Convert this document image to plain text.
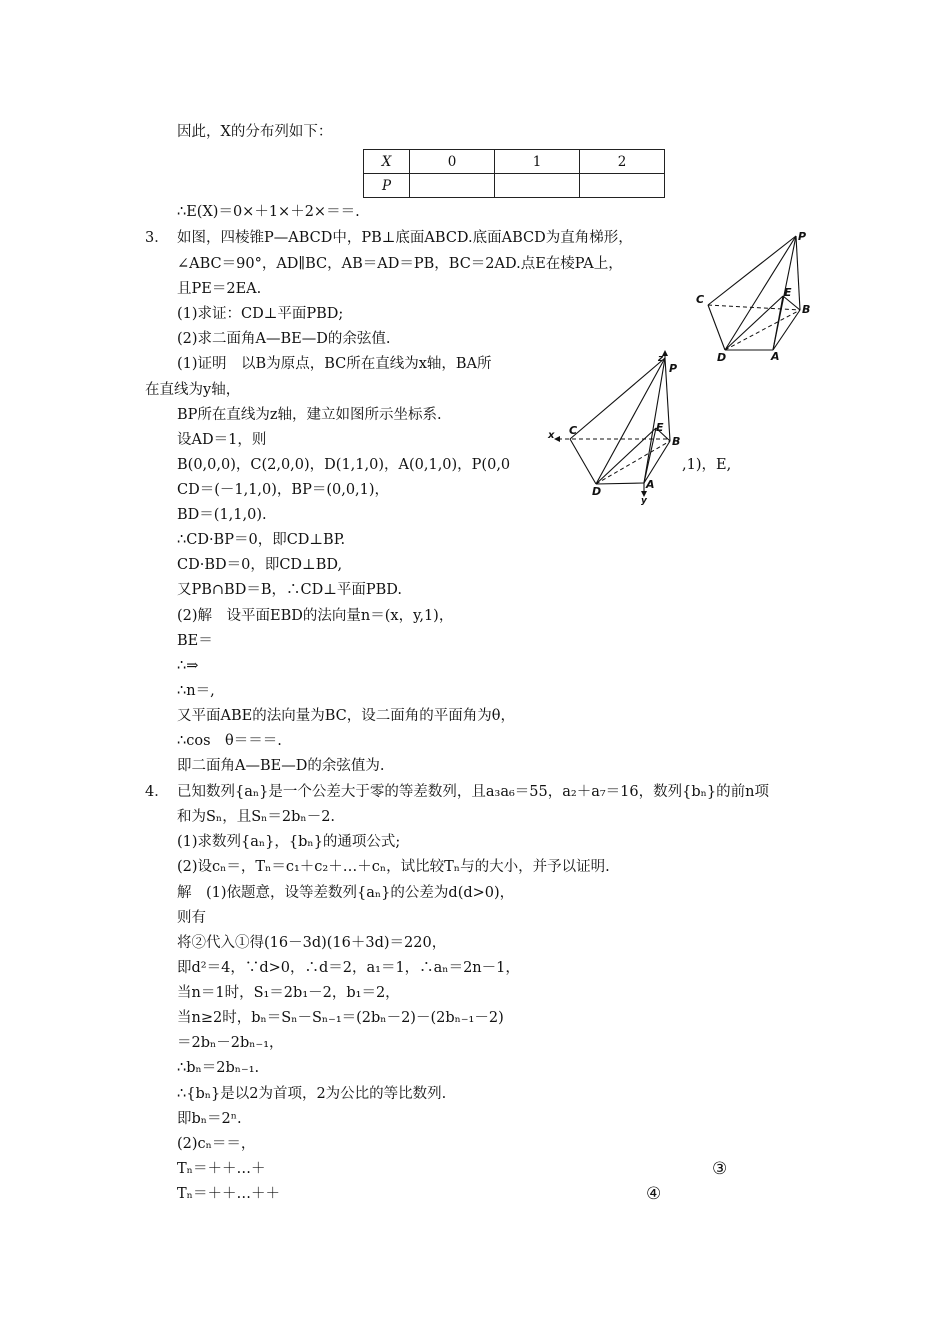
因此，X的分布列如下：
X	0	1	2
P			
∴E(X)＝0×＋1×＋2×＝＝.
3． 如图，四棱锥P—ABCD中，PB⊥底面ABCD.底面ABCD为直角梯形，
∠ABC＝90°，AD∥BC，AB＝AD＝PB，BC＝2AD.点E在棱PA上，
且PE＝2EA.
(1)求证：CD⊥平面PBD;
(2)求二面角A—BE—D的余弦值.
(1)证明　以B为原点，BC所在直线为x轴，BA所
在直线为y轴，
BP所在直线为z轴，建立如图所示坐标系.
设AD＝1，则
B(0,0,0)，C(2,0,0)，D(1,1,0)，A(0,1,0)，P(0,0	,1)，E,
CD＝(－1,1,0)，BP＝(0,0,1)，
BD＝(1,1,0).
∴CD·BP＝0，即CD⊥BP.
CD·BD＝0，即CD⊥BD,
又PB∩BD＝B，∴CD⊥平面PBD.
(2)解　设平面EBD的法向量n＝(x，y,1)，
BE＝
∴⇒
∴n＝,
又平面ABE的法向量为BC，设二面角的平面角为θ，
∴cos　θ＝＝＝.
即二面角A—BE—D的余弦值为.
P
C
E
B
D	A
z
P
x C	E
B
D
A
y
4． 已知数列{aₙ}是一个公差大于零的等差数列，且a₃a₆＝55，a₂＋a₇＝16，数列{bₙ}的前n项
和为Sₙ，且Sₙ＝2bₙ－2.
(1)求数列{aₙ}，{bₙ}的通项公式;
(2)设cₙ＝，Tₙ＝c₁＋c₂＋…＋cₙ，试比较Tₙ与的大小，并予以证明.
解　(1)依题意，设等差数列{aₙ}的公差为d(d>0)，
则有
将②代入①得(16－3d)(16＋3d)＝220，
即d²＝4，∵d>0，∴d＝2，a₁＝1，∴aₙ＝2n－1，
当n＝1时，S₁＝2b₁－2，b₁＝2，
当n≥2时，bₙ＝Sₙ－Sₙ₋₁＝(2bₙ－2)－(2bₙ₋₁－2)
＝2bₙ－2bₙ₋₁，
∴bₙ＝2bₙ₋₁.
∴{bₙ}是以2为首项，2为公比的等比数列.
即bₙ＝2ⁿ.
(2)cₙ＝＝，
Tₙ＝＋＋…＋	③
Tₙ＝＋＋…＋＋	④
